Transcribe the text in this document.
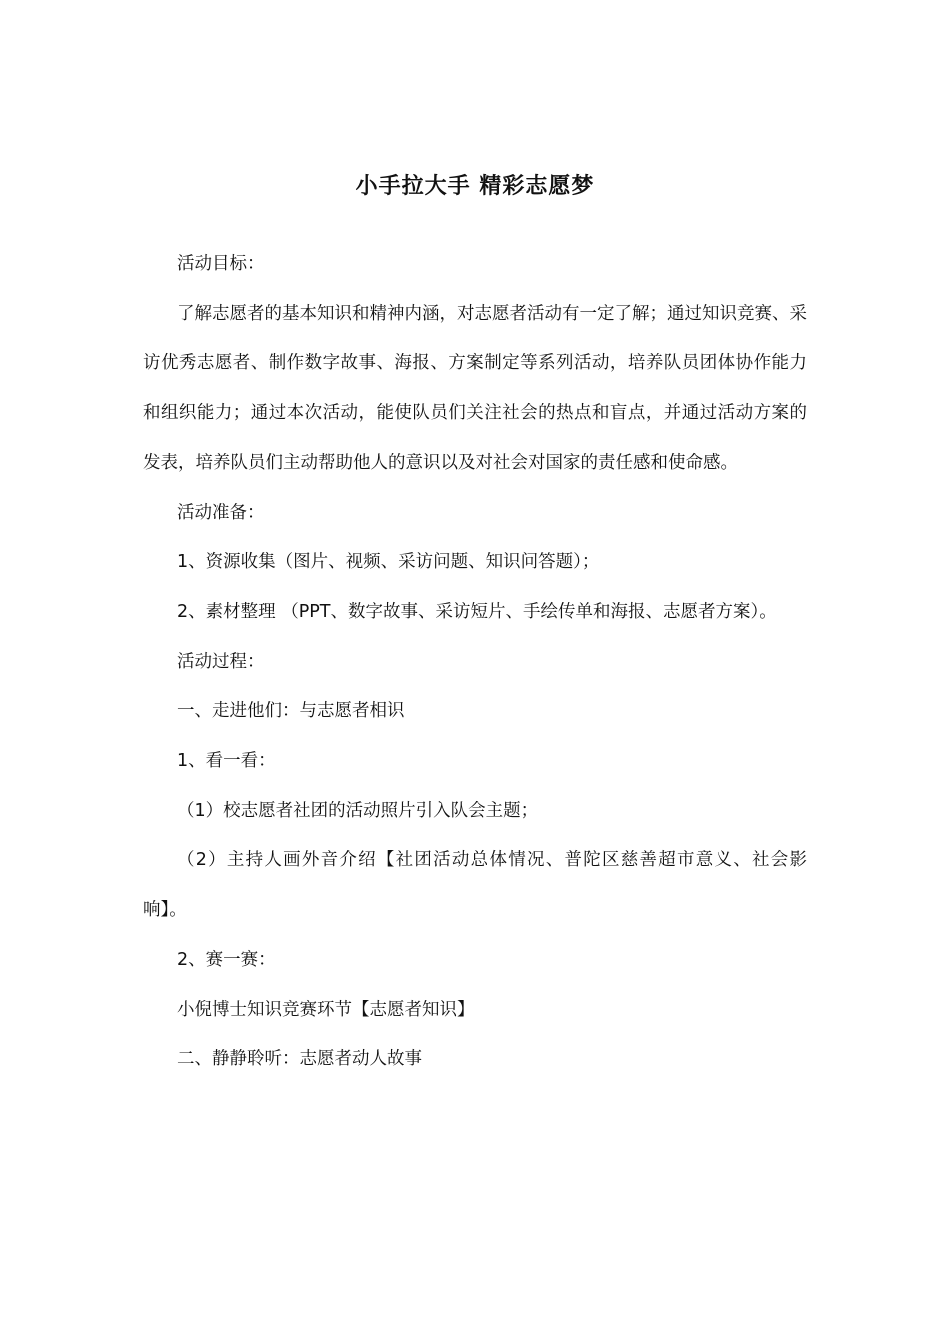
小手拉大手 精彩志愿梦

活动目标：

了解志愿者的基本知识和精神内涵，对志愿者活动有一定了解；通过知识竞赛、采访优秀志愿者、制作数字故事、海报、方案制定等系列活动，培养队员团体协作能力和组织能力；通过本次活动，能使队员们关注社会的热点和盲点，并通过活动方案的发表，培养队员们主动帮助他人的意识以及对社会对国家的责任感和使命感。

活动准备：

1、资源收集（图片、视频、采访问题、知识问答题）；

2、素材整理 （PPT、数字故事、采访短片、手绘传单和海报、志愿者方案）。

活动过程：

一、走进他们：与志愿者相识

1、看一看：

（1）校志愿者社团的活动照片引入队会主题；

（2）主持人画外音介绍【社团活动总体情况、普陀区慈善超市意义、社会影响】。

2、赛一赛：

小倪博士知识竞赛环节【志愿者知识】

二、静静聆听：志愿者动人故事
